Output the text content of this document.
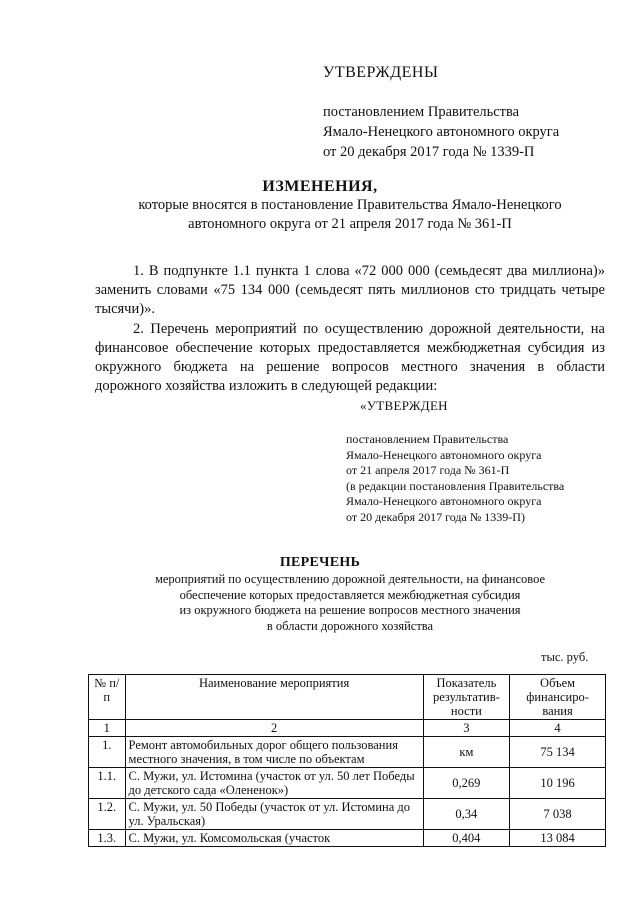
УТВЕРЖДЕНЫ
постановлением Правительства
Ямало-Ненецкого автономного округа
от 20 декабря 2017 года № 1339-П
ИЗМЕНЕНИЯ,
которые вносятся в постановление Правительства Ямало-Ненецкого
автономного округа от 21 апреля 2017 года № 361-П
1. В подпункте 1.1 пункта 1 слова «72 000 000 (семьдесят два миллиона)» заменить словами «75 134 000 (семьдесят пять миллионов сто тридцать четыре тысячи)».
2. Перечень мероприятий по осуществлению дорожной деятельности, на финансовое обеспечение которых предоставляется межбюджетная субсидия из окружного бюджета на решение вопросов местного значения в области дорожного хозяйства изложить в следующей редакции:
«УТВЕРЖДЕН
постановлением Правительства
Ямало-Ненецкого автономного округа
от 21 апреля 2017 года № 361-П
(в редакции постановления Правительства
Ямало-Ненецкого автономного округа
от 20 декабря 2017 года № 1339-П)
ПЕРЕЧЕНЬ
мероприятий по осуществлению дорожной деятельности, на финансовое
обеспечение которых предоставляется межбюджетная субсидия
из окружного бюджета на решение вопросов местного значения
в области дорожного хозяйства
тыс. руб.
№ п/п	Наименование мероприятия	Показатель результатив-ности	Объем финансиро-вания
1	2	3	4
1.	Ремонт автомобильных дорог общего пользования местного значения, в том числе по объектам	км	75 134
1.1.	С. Мужи, ул. Истомина (участок от ул. 50 лет Победы до детского сада «Олененок»)	0,269	10 196
1.2.	С. Мужи, ул. 50 Победы (участок от ул. Истомина до ул. Уральская)	0,34	7 038
1.3.	С. Мужи, ул. Комсомольская (участок	0,404	13 084
